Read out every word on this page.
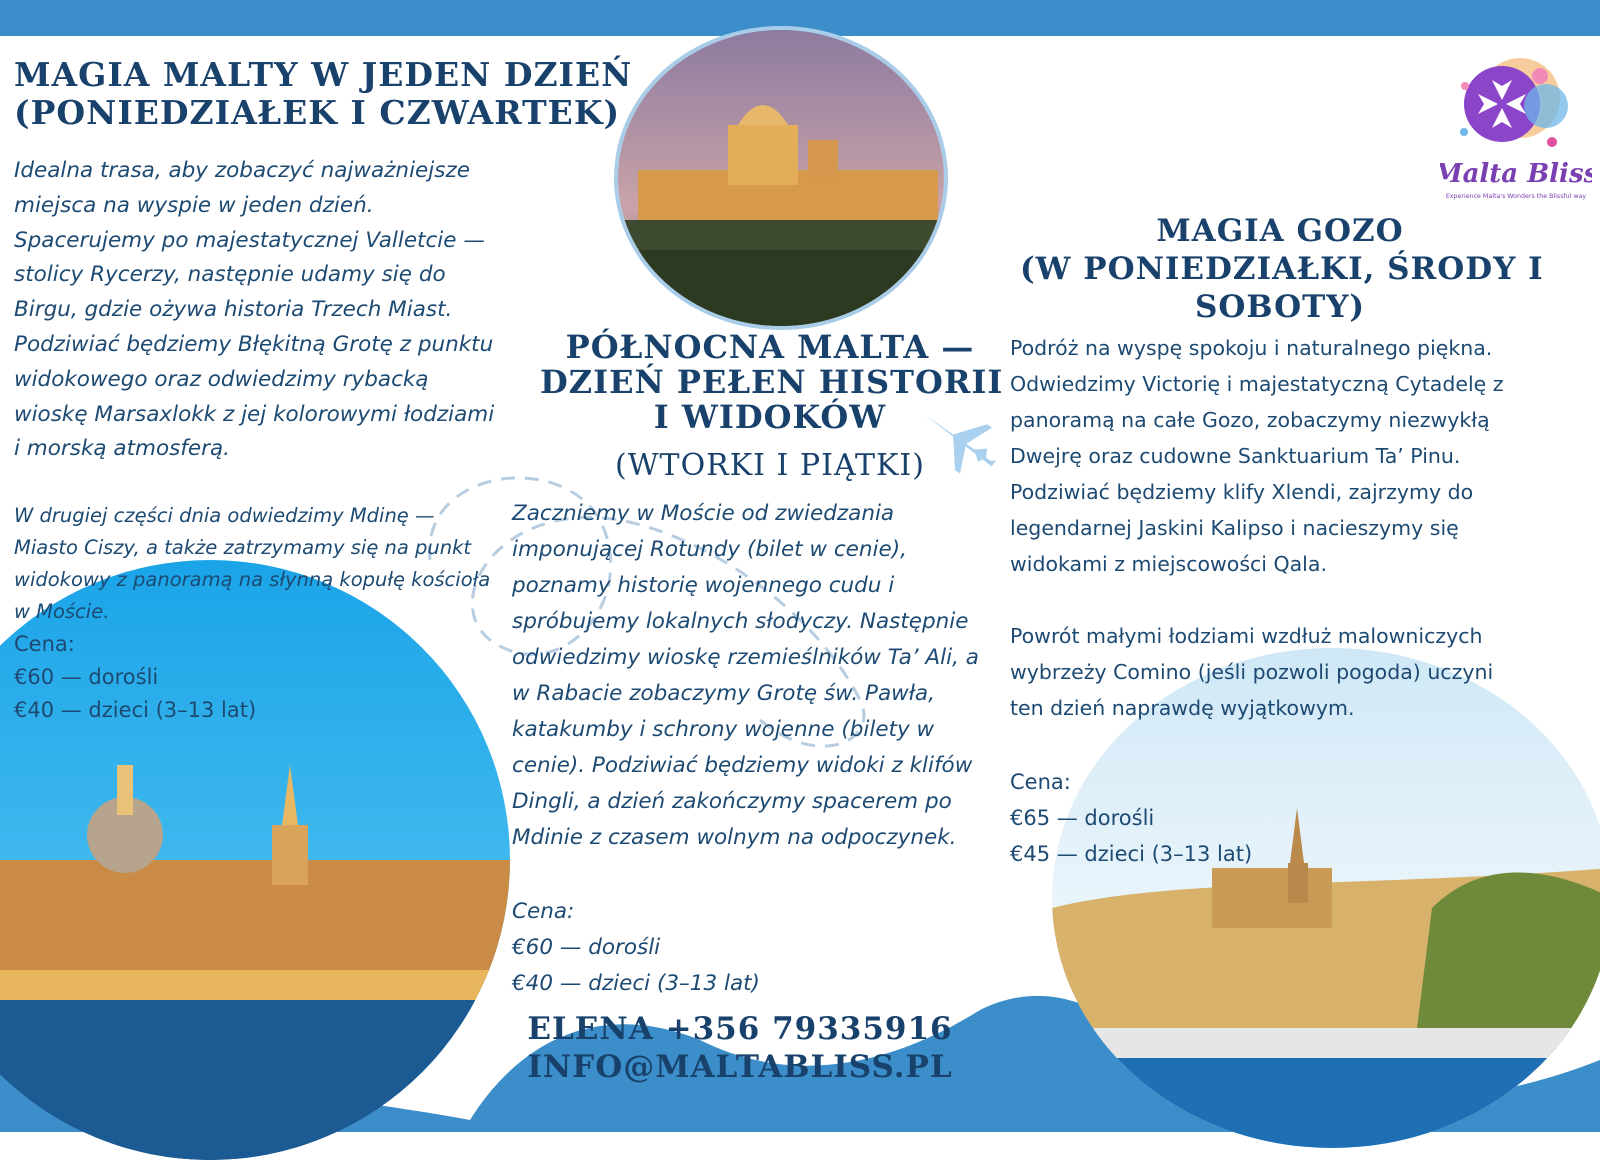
Malta Bliss
Experience Malta's Wonders the Blissful way
MAGIA MALTY W JEDEN DZIEŃ
(PONIEDZIAŁEK I CZWARTEK)
Idealna trasa, aby zobaczyć najważniejsze
miejsca na wyspie w jeden dzień.
Spacerujemy po majestatycznej Valletcie —
stolicy Rycerzy, następnie udamy się do
Birgu, gdzie ożywa historia Trzech Miast.
Podziwiać będziemy Błękitną Grotę z punktu
widokowego oraz odwiedzimy rybacką
wioskę Marsaxlokk z jej kolorowymi łodziami
i morską atmosferą.
W drugiej części dnia odwiedzimy Mdinę —
Miasto Ciszy, a także zatrzymamy się na punkt
widokowy z panoramą na słynną kopułę kościoła
w Moście.
Cena:
€60 — dorośli
€40 — dzieci (3–13 lat)
PÓŁNOCNA MALTA —
DZIEŃ PEŁEN HISTORII
I WIDOKÓW
(WTORKI I PIĄTKI)
Zaczniemy w Moście od zwiedzania
imponującej Rotundy (bilet w cenie),
poznamy historię wojennego cudu i
spróbujemy lokalnych słodyczy. Następnie
odwiedzimy wioskę rzemieślników Ta’ Ali, a
w Rabacie zobaczymy Grotę św. Pawła,
katakumby i schrony wojenne (bilety w
cenie). Podziwiać będziemy widoki z klifów
Dingli, a dzień zakończymy spacerem po
Mdinie z czasem wolnym na odpoczynek.
Cena:
€60 — dorośli
€40 — dzieci (3–13 lat)
ELENA +356 79335916
INFO@MALTABLISS.PL
MAGIA GOZO
(W PONIEDZIAŁKI, ŚRODY I
SOBOTY)
Podróż na wyspę spokoju i naturalnego piękna.
Odwiedzimy Victorię i majestatyczną Cytadelę z
panoramą na całe Gozo, zobaczymy niezwykłą
Dwejrę oraz cudowne Sanktuarium Ta’ Pinu.
Podziwiać będziemy klify Xlendi, zajrzymy do
legendarnej Jaskini Kalipso i nacieszymy się
widokami z miejscowości Qala.
Powrót małymi łodziami wzdłuż malowniczych
wybrzeży Comino (jeśli pozwoli pogoda) uczyni
ten dzień naprawdę wyjątkowym.
Cena:
€65 — dorośli
€45 — dzieci (3–13 lat)
